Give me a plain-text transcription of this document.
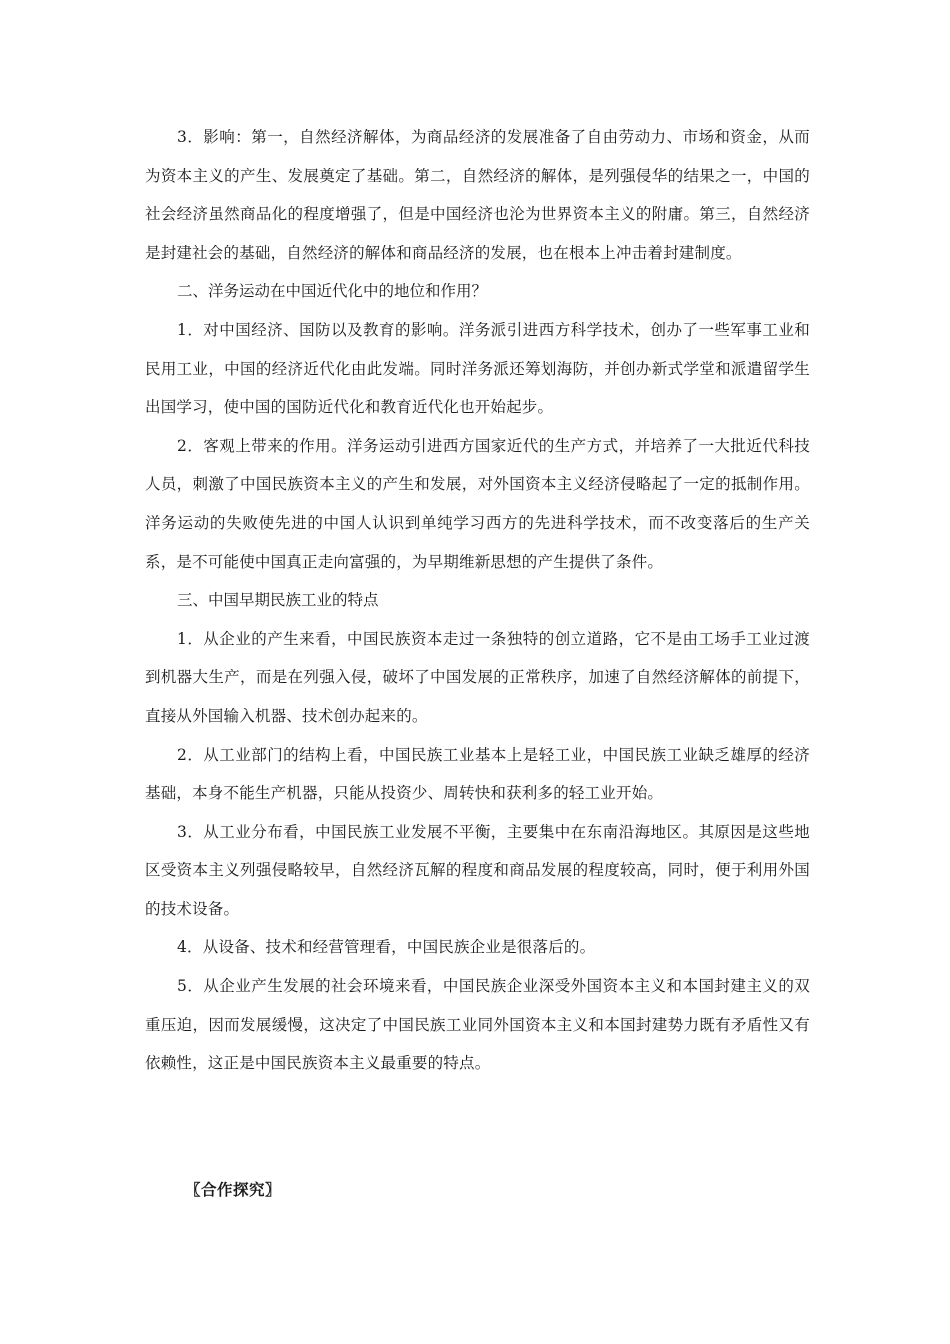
3．影响：第一，自然经济解体，为商品经济的发展准备了自由劳动力、市场和资金，从而为资本主义的产生、发展奠定了基础。第二，自然经济的解体，是列强侵华的结果之一，中国的社会经济虽然商品化的程度增强了，但是中国经济也沦为世界资本主义的附庸。第三，自然经济是封建社会的基础，自然经济的解体和商品经济的发展，也在根本上冲击着封建制度。

二、洋务运动在中国近代化中的地位和作用？

1．对中国经济、国防以及教育的影响。洋务派引进西方科学技术，创办了一些军事工业和民用工业，中国的经济近代化由此发端。同时洋务派还筹划海防，并创办新式学堂和派遣留学生出国学习，使中国的国防近代化和教育近代化也开始起步。

2．客观上带来的作用。洋务运动引进西方国家近代的生产方式，并培养了一大批近代科技人员，刺激了中国民族资本主义的产生和发展，对外国资本主义经济侵略起了一定的抵制作用。洋务运动的失败使先进的中国人认识到单纯学习西方的先进科学技术，而不改变落后的生产关系，是不可能使中国真正走向富强的，为早期维新思想的产生提供了条件。

三、中国早期民族工业的特点

1．从企业的产生来看，中国民族资本走过一条独特的创立道路，它不是由工场手工业过渡到机器大生产，而是在列强入侵，破坏了中国发展的正常秩序，加速了自然经济解体的前提下，直接从外国输入机器、技术创办起来的。

2．从工业部门的结构上看，中国民族工业基本上是轻工业，中国民族工业缺乏雄厚的经济基础，本身不能生产机器，只能从投资少、周转快和获利多的轻工业开始。

3．从工业分布看，中国民族工业发展不平衡，主要集中在东南沿海地区。其原因是这些地区受资本主义列强侵略较早，自然经济瓦解的程度和商品发展的程度较高，同时，便于利用外国的技术设备。

4．从设备、技术和经营管理看，中国民族企业是很落后的。

5．从企业产生发展的社会环境来看，中国民族企业深受外国资本主义和本国封建主义的双重压迫，因而发展缓慢，这决定了中国民族工业同外国资本主义和本国封建势力既有矛盾性又有依赖性，这正是中国民族资本主义最重要的特点。

〖合作探究〗
